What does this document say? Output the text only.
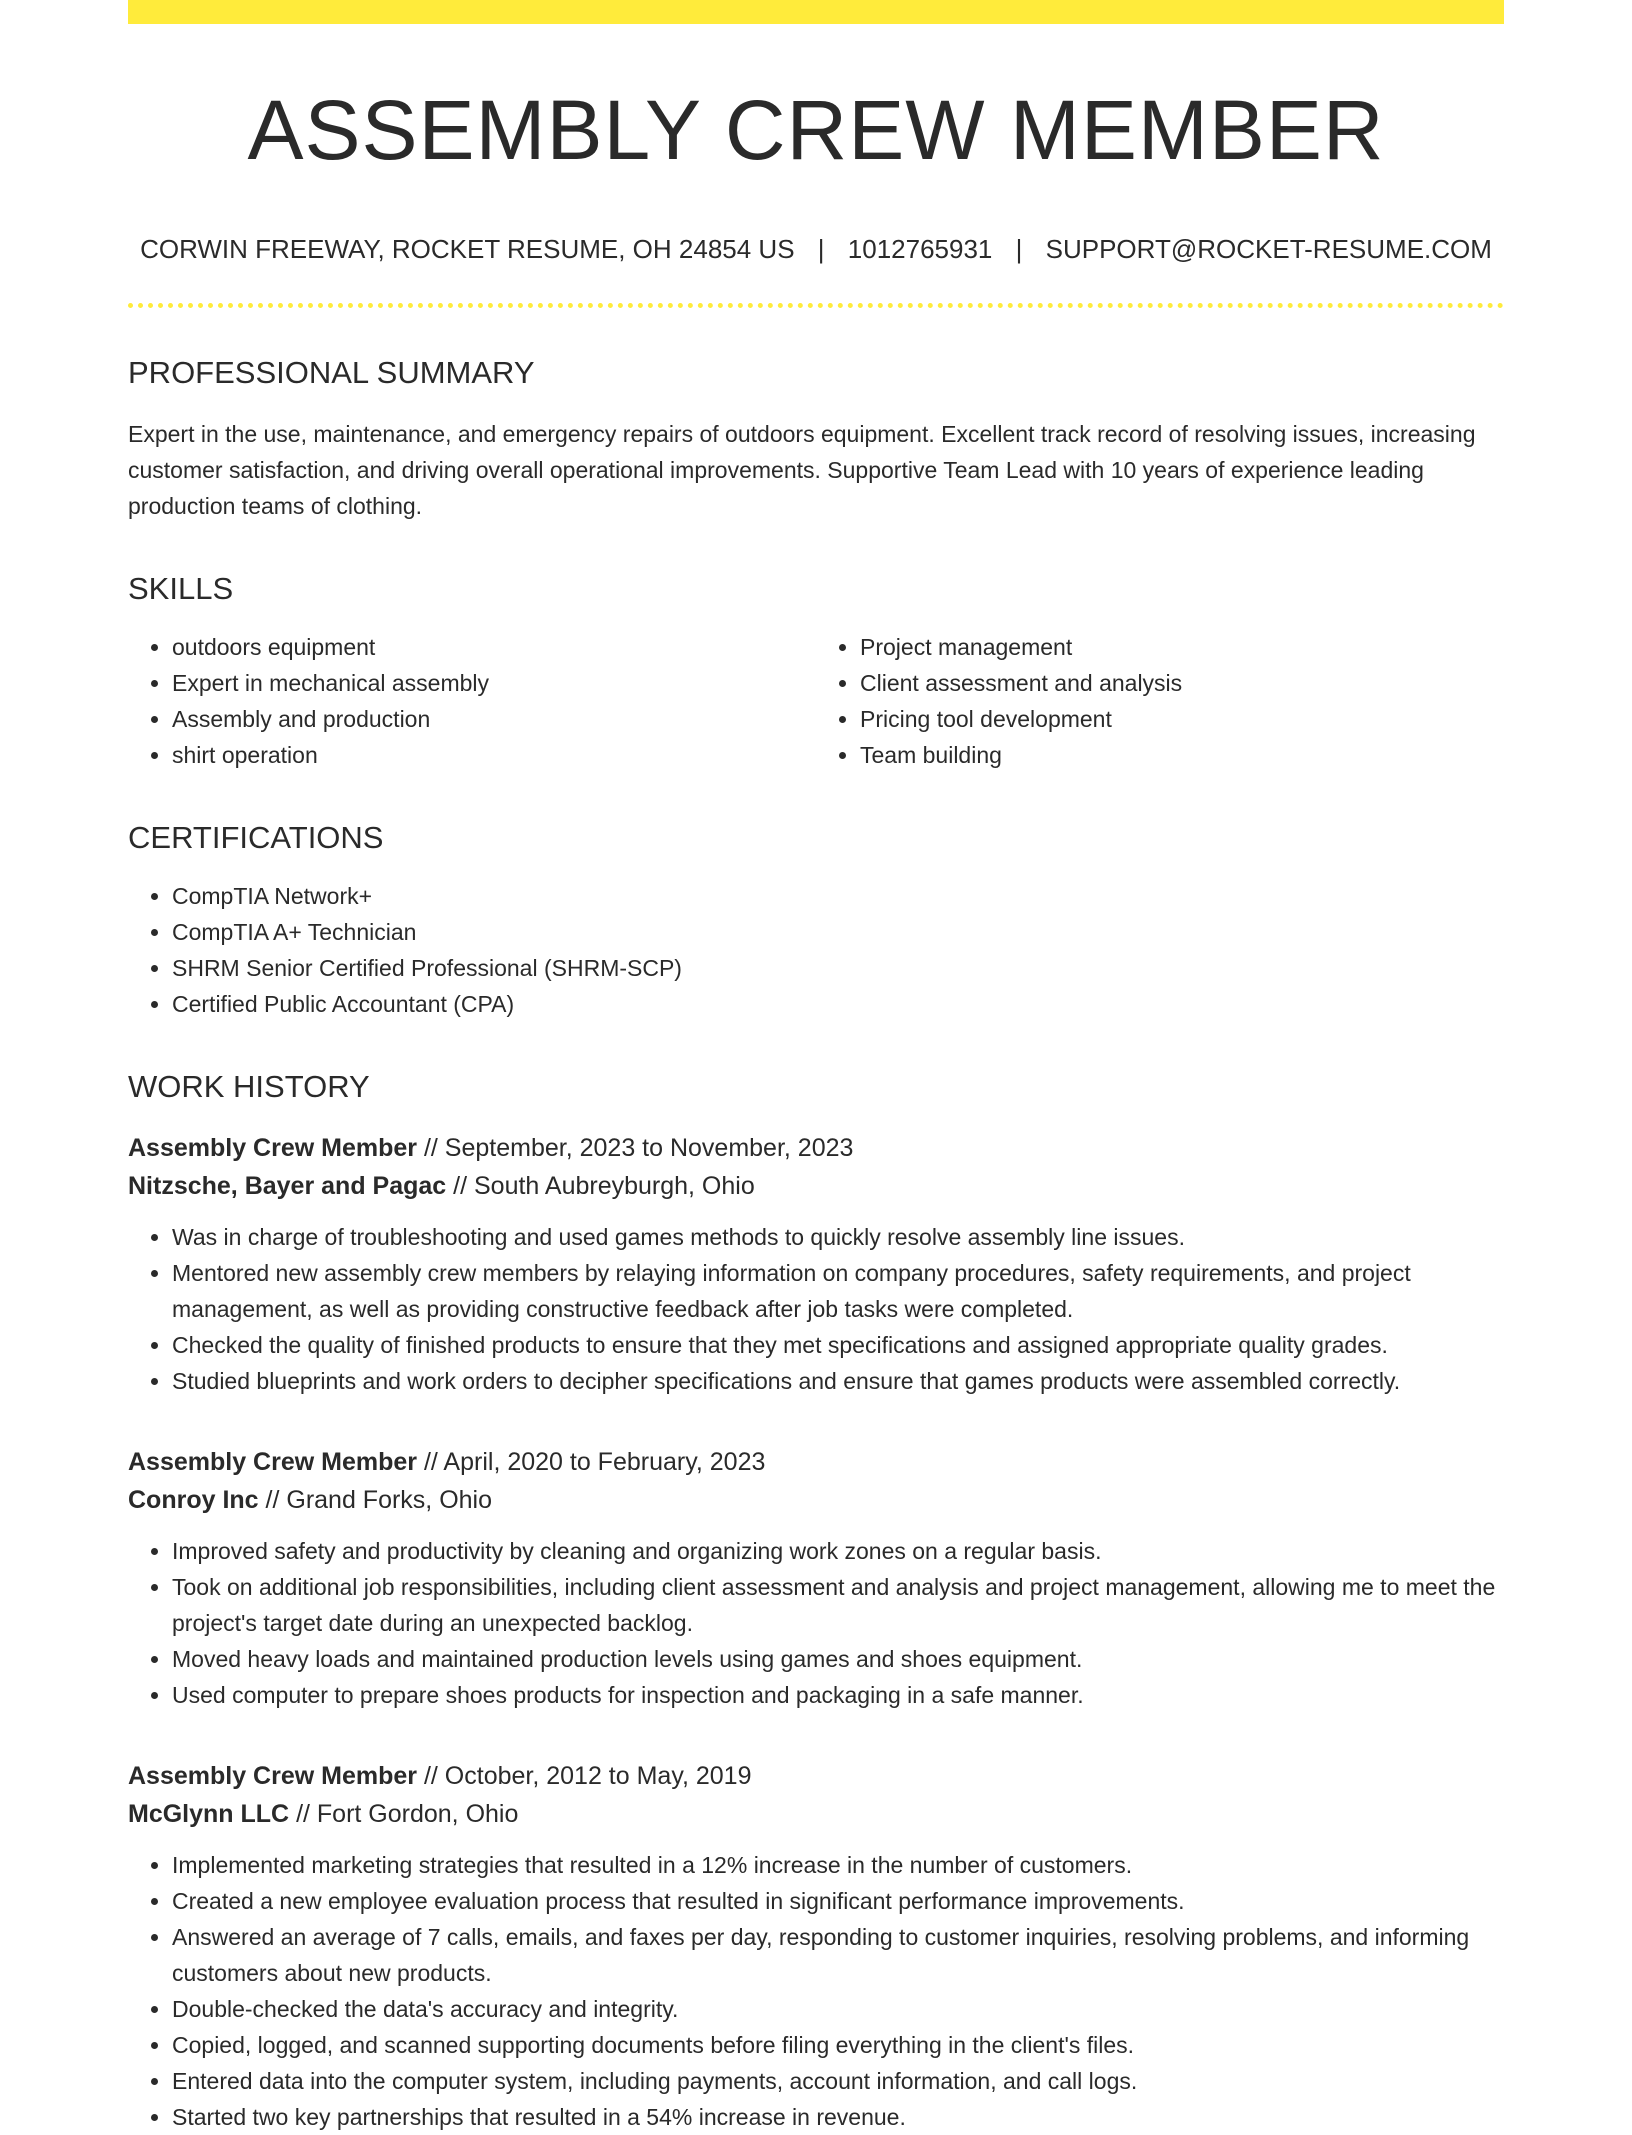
ASSEMBLY CREW MEMBER
CORWIN FREEWAY, ROCKET RESUME, OH 24854 US | 1012765931 | SUPPORT@ROCKET-RESUME.COM
PROFESSIONAL SUMMARY

Expert in the use, maintenance, and emergency repairs of outdoors equipment. Excellent track record of resolving issues, increasing customer satisfaction, and driving overall operational improvements. Supportive Team Lead with 10 years of experience leading production teams of clothing.

SKILLS
• outdoors equipment
• Expert in mechanical assembly
• Assembly and production
• shirt operation
• Project management
• Client assessment and analysis
• Pricing tool development
• Team building
CERTIFICATIONS
• CompTIA Network+
• CompTIA A+ Technician
• SHRM Senior Certified Professional (SHRM-SCP)
• Certified Public Accountant (CPA)
WORK HISTORY
Assembly Crew Member // September, 2023 to November, 2023
Nitzsche, Bayer and Pagac // South Aubreyburgh, Ohio
• Was in charge of troubleshooting and used games methods to quickly resolve assembly line issues.
• Mentored new assembly crew members by relaying information on company procedures, safety requirements, and project management, as well as providing constructive feedback after job tasks were completed.
• Checked the quality of finished products to ensure that they met specifications and assigned appropriate quality grades.
• Studied blueprints and work orders to decipher specifications and ensure that games products were assembled correctly.
Assembly Crew Member // April, 2020 to February, 2023
Conroy Inc // Grand Forks, Ohio
• Improved safety and productivity by cleaning and organizing work zones on a regular basis.
• Took on additional job responsibilities, including client assessment and analysis and project management, allowing me to meet the project's target date during an unexpected backlog.
• Moved heavy loads and maintained production levels using games and shoes equipment.
• Used computer to prepare shoes products for inspection and packaging in a safe manner.
Assembly Crew Member // October, 2012 to May, 2019
McGlynn LLC // Fort Gordon, Ohio
• Implemented marketing strategies that resulted in a 12% increase in the number of customers.
• Created a new employee evaluation process that resulted in significant performance improvements.
• Answered an average of 7 calls, emails, and faxes per day, responding to customer inquiries, resolving problems, and informing customers about new products.
• Double-checked the data's accuracy and integrity.
• Copied, logged, and scanned supporting documents before filing everything in the client's files.
• Entered data into the computer system, including payments, account information, and call logs.
• Started two key partnerships that resulted in a 54% increase in revenue.
